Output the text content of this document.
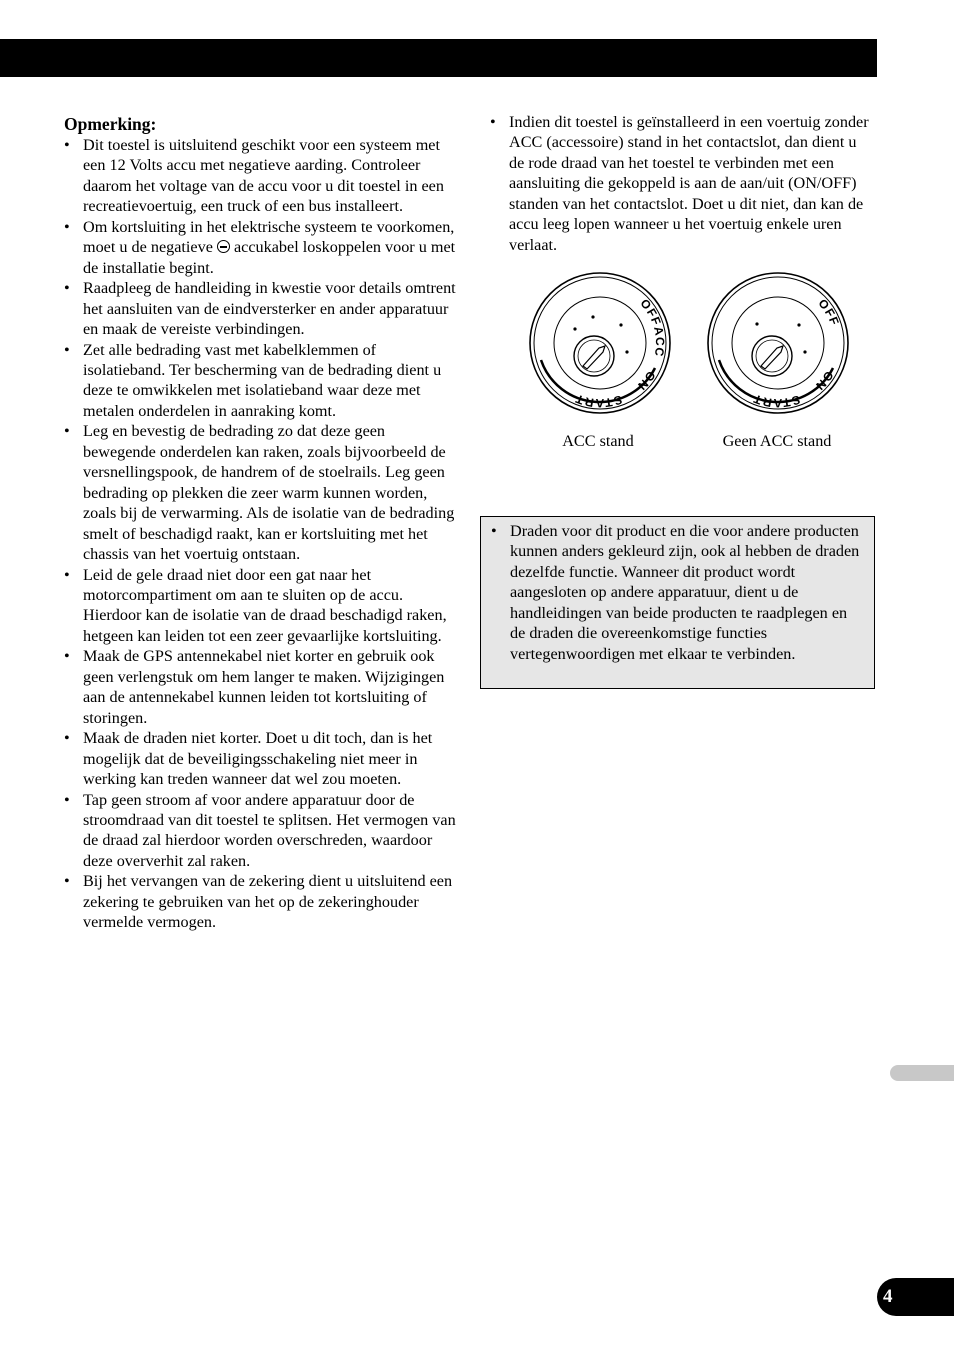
Opmerking:
• Dit toestel is uitsluitend geschikt voor een systeem met een 12 Volts accu met negatieve aarding. Controleer daarom het voltage van de accu voor u dit toestel in een recreatievoertuig, een truck of een bus installeert.
• Om kortsluiting in het elektrische systeem te voorkomen, moet u de negatieve accukabel loskoppelen voor u met de installatie begint.
• Raadpleeg de handleiding in kwestie voor details omtrent het aansluiten van de eindversterker en ander apparatuur en maak de vereiste verbindingen.
• Zet alle bedrading vast met kabelklemmen of isolatieband. Ter bescherming van de bedrading dient u deze te omwikkelen met isolatieband waar deze met metalen onderdelen in aanraking komt.
• Leg en bevestig de bedrading zo dat deze geen bewegende onderdelen kan raken, zoals bijvoorbeeld de versnellingspook, de handrem of de stoelrails. Leg geen bedrading op plekken die zeer warm kunnen worden, zoals bij de verwarming. Als de isolatie van de bedrading smelt of beschadigd raakt, kan er kortsluiting met het chassis van het voertuig ontstaan.
• Leid de gele draad niet door een gat naar het motorcompartiment om aan te sluiten op de accu. Hierdoor kan de isolatie van de draad beschadigd raken, hetgeen kan leiden tot een zeer gevaarlijke kortsluiting.
• Maak de GPS antennekabel niet korter en gebruik ook geen verlengstuk om hem langer te maken. Wijzigingen aan de antennekabel kunnen leiden tot kortsluiting of storingen.
• Maak de draden niet korter. Doet u dit toch, dan is het mogelijk dat de beveiligingsschakeling niet meer in werking kan treden wanneer dat wel zou moeten.
• Tap geen stroom af voor andere apparatuur door de stroomdraad van dit toestel te splitsen. Het vermogen van de draad zal hierdoor worden overschreden, waardoor deze oververhit zal raken.
• Bij het vervangen van de zekering dient u uitsluitend een zekering te gebruiken van het op de zekeringhouder vermelde vermogen.
• Indien dit toestel is geïnstalleerd in een voertuig zonder ACC (accessoire) stand in het contactslot, dan dient u de rode draad van het toestel te verbinden met een aansluiting die gekoppeld is aan de aan/uit (ON/OFF) standen van het contactslot. Doet u dit niet, dan kan de accu leeg lopen wanneer u het voertuig enkele uren verlaat.
OFF
ACC
ON
START
ACC stand
OFF
ON
START
Geen ACC stand
• Draden voor dit product en die voor andere producten kunnen anders gekleurd zijn, ook al hebben de draden dezelfde functie. Wanneer dit product wordt aangesloten op andere apparatuur, dient u de handleidingen van beide producten te raadplegen en de draden die overeenkomstige functies vertegenwoordigen met elkaar te verbinden.
4
